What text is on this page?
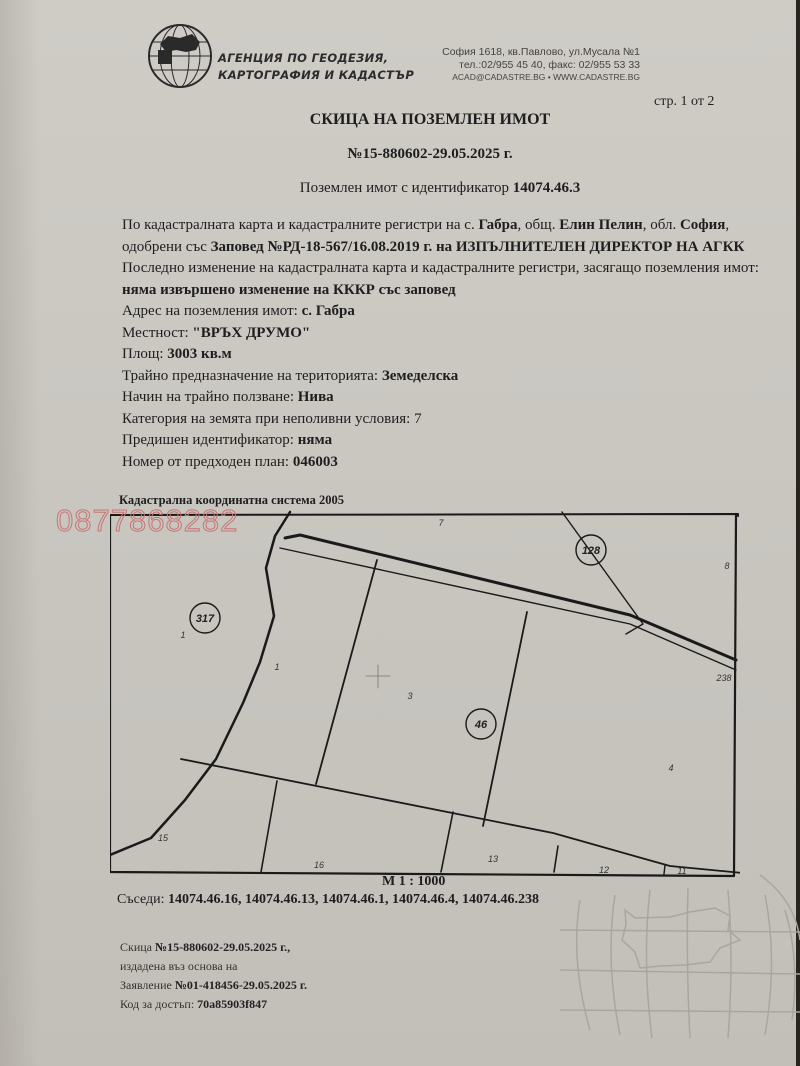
АГЕНЦИЯ ПО ГЕОДЕЗИЯ,
КАРТОГРАФИЯ И КАДАСТЪР
София 1618, кв.Павлово, ул.Мусала №1
тел.:02/955 45 40, факс: 02/955 53 33
ACAD@CADASTRE.BG • WWW.CADASTRE.BG
стр. 1 от 2
СКИЦА НА ПОЗЕМЛЕН ИМОТ
№15-880602-29.05.2025 г.
Поземлен имот с идентификатор 14074.46.3

По кадастралната карта и кадастралните регистри на с. Габра, общ. Елин Пелин, обл. София, одобрени със Заповед №РД-18-567/16.08.2019 г. на ИЗПЪЛНИТЕЛЕН ДИРЕКТОР НА АГКК

Последно изменение на кадастралната карта и кадастралните регистри, засягащо поземления имот: няма извършено изменение на КККР със заповед

Адрес на поземления имот: с. Габра

Местност: "ВРЪХ ДРУМО"

Площ: 3003 кв.м

Трайно предназначение на територията: Земеделска

Начин на трайно ползване: Нива

Категория на земята при неполивни условия: 7

Предишен идентификатор: няма

Номер от предходен план: 046003

Кадастрална координатна система 2005
317
128
46
7
8
1
1
3
238
4
15
16
13
12	11
0877868282
М 1 : 1000
Съседи: 14074.46.16, 14074.46.13, 14074.46.1, 14074.46.4, 14074.46.238
Скица №15-880602-29.05.2025 г.,
издадена въз основа на
Заявление №01-418456-29.05.2025 г.
Код за достъп: 70a85903f847
